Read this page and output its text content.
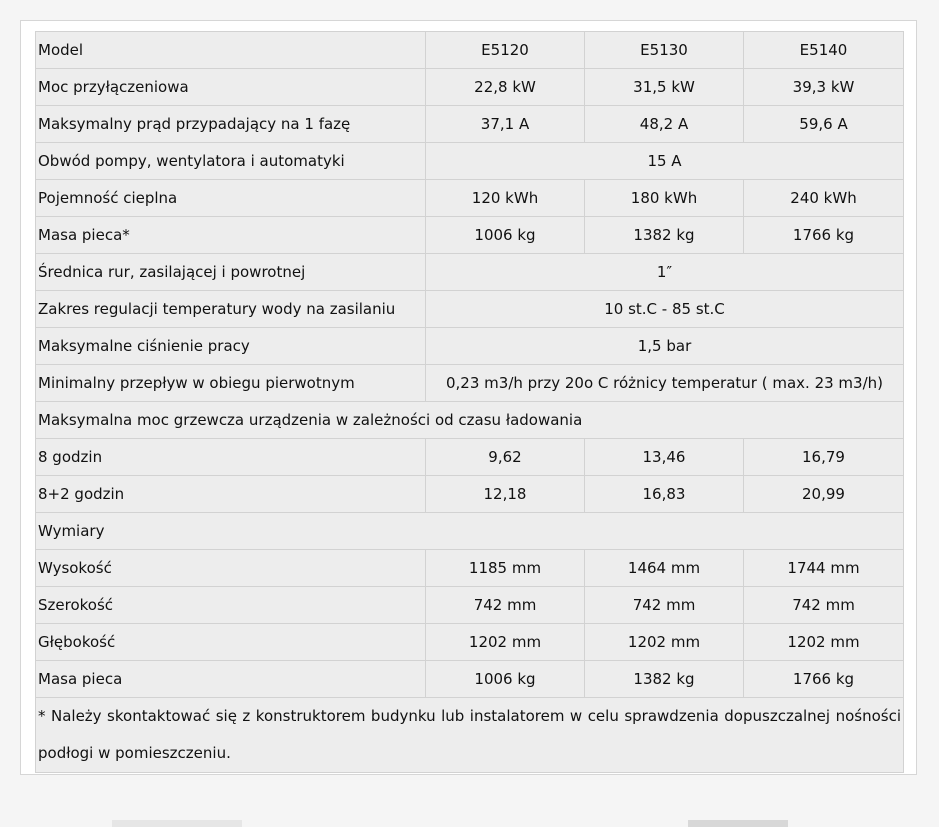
Model	E5120	E5130	E5140
Moc przyłączeniowa	22,8 kW	31,5 kW	39,3 kW
Maksymalny prąd przypadający na 1 fazę	37,1 A	48,2 A	59,6 A
Obwód pompy, wentylatora i automatyki	15 A		
Pojemność cieplna	120 kWh	180 kWh	240 kWh
Masa pieca*	1006 kg	1382 kg	1766 kg
Średnica rur, zasilającej i powrotnej	1″		
Zakres regulacji temperatury wody na zasilaniu	10 st.C - 85 st.C		
Maksymalne ciśnienie pracy	1,5 bar		
Minimalny przepływ w obiegu pierwotnym	0,23 m3/h przy 20o C różnicy temperatur ( max. 23 m3/h)		
Maksymalna moc grzewcza urządzenia w zależności od czasu ładowania			
8 godzin	9,62	13,46	16,79
8+2 godzin	12,18	16,83	20,99
Wymiary			
Wysokość	1185 mm	1464 mm	1744 mm
Szerokość	742 mm	742 mm	742 mm
Głębokość	1202 mm	1202 mm	1202 mm
Masa pieca	1006 kg	1382 kg	1766 kg
* Należy skontaktować się z konstruktorem budynku lub instalatorem w celu sprawdzenia dopuszczalnej nośności podłogi w pomieszczeniu.			
